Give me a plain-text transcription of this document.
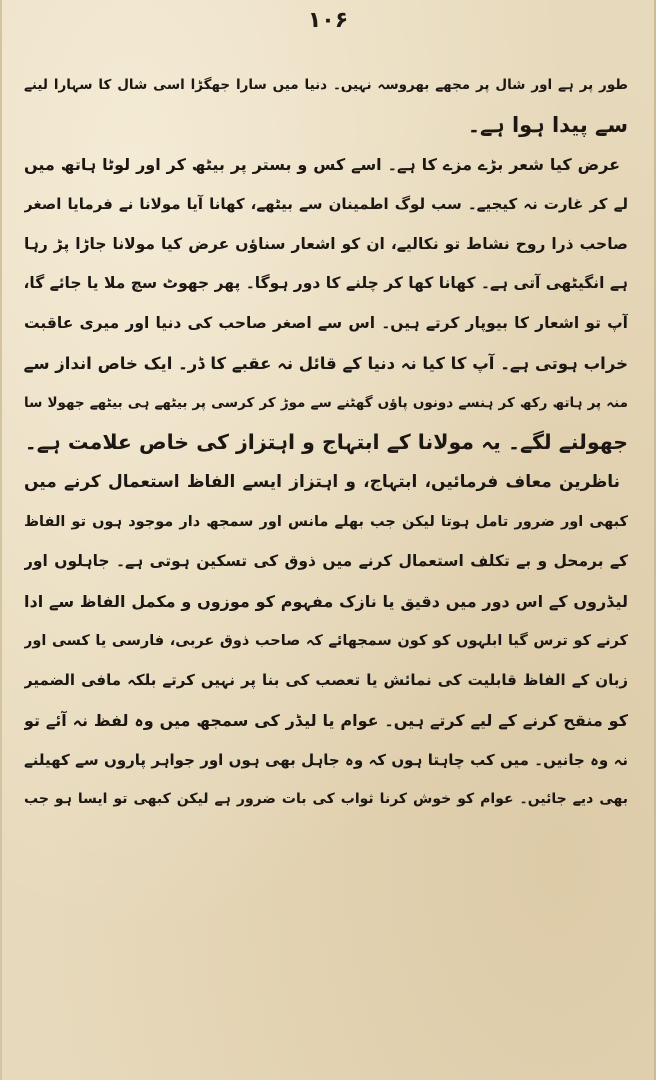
۱۰۶
طور پر ہے اور شال پر مجھے بھروسہ نہیں۔ دنیا میں سارا جھگڑا اسی شال کا سہارا لینے
سے پیدا ہوا ہے۔
عرض کیا شعر بڑے مزے کا ہے۔ اسے کس و بستر پر بیٹھ کر اور لوٹا ہاتھ میں
لے کر غارت نہ کیجیے۔ سب لوگ اطمینان سے بیٹھے، کھانا آیا مولانا نے فرمایا اصغر
صاحب ذرا روح نشاط تو نکالیے، ان کو اشعار سناؤں عرض کیا مولانا جاڑا پڑ رہا
ہے انگیٹھی آتی ہے۔ کھانا کھا کر چلنے کا دور ہوگا۔ پھر جھوٹ سچ ملا یا جائے گا،
آپ تو اشعار کا بیوپار کرتے ہیں۔ اس سے اصغر صاحب کی دنیا اور میری عاقبت
خراب ہوتی ہے۔ آپ کا کیا نہ دنیا کے قائل نہ عقبے کا ڈر۔ ایک خاص انداز سے
منہ پر ہاتھ رکھ کر ہنسے دونوں پاؤں گھٹنے سے موڑ کر کرسی پر بیٹھے ہی بیٹھے جھولا سا
جھولنے لگے۔ یہ مولانا کے ابتہاج و اہتزاز کی خاص علامت ہے۔
ناظرین معاف فرمائیں، ابتہاج، و اہتزاز ایسے الفاظ استعمال کرنے میں
کبھی اور ضرور تامل ہوتا لیکن جب بھلے مانس اور سمجھ دار موجود ہوں تو الفاظ
کے برمحل و بے تکلف استعمال کرنے میں ذوق کی تسکین ہوتی ہے۔ جاہلوں اور
لیڈروں کے اس دور میں دقیق یا نازک مفہوم کو موزوں و مکمل الفاظ سے ادا
کرنے کو ترس گیا ابلہوں کو کون سمجھائے کہ صاحب ذوق عربی، فارسی یا کسی اور
زبان کے الفاظ قابلیت کی نمائش یا تعصب کی بنا پر نہیں کرتے بلکہ مافی الضمیر
کو منقح کرنے کے لیے کرتے ہیں۔ عوام یا لیڈر کی سمجھ میں وہ لفظ نہ آئے تو
نہ وہ جانیں۔ میں کب چاہتا ہوں کہ وہ جاہل بھی ہوں اور جواہر پاروں سے کھیلنے
بھی دیے جائیں۔ عوام کو خوش کرنا ثواب کی بات ضرور ہے لیکن کبھی تو ایسا ہو جب
